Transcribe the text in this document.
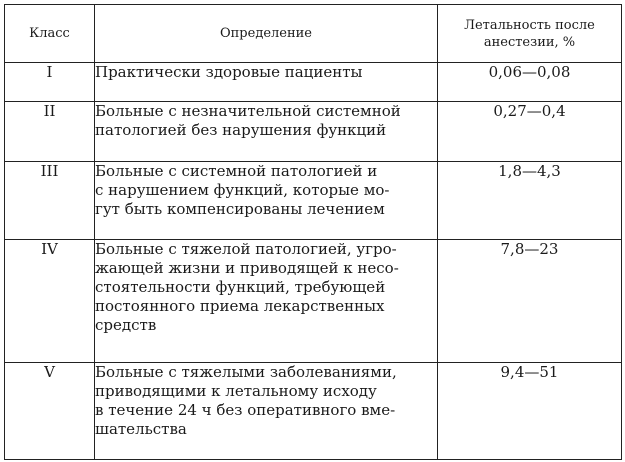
Класс	Определение	Летальность после
анестезии, %
I	Практически здоровые пациенты	0,06—0,08
II	Больные с незначительной системной
патологией без нарушения функций	0,27—0,4
III	Больные с системной патологией и
с нарушением функций, которые мо-
гут быть компенсированы лечением	1,8—4,3
IV	Больные с тяжелой патологией, угро-
жающей жизни и приводящей к несо-
стоятельности функций, требующей
постоянного приема лекарственных
средств	7,8—23
V	Больные с тяжелыми заболеваниями,
приводящими к летальному исходу
в течение 24 ч без оперативного вме-
шательства	9,4—51
